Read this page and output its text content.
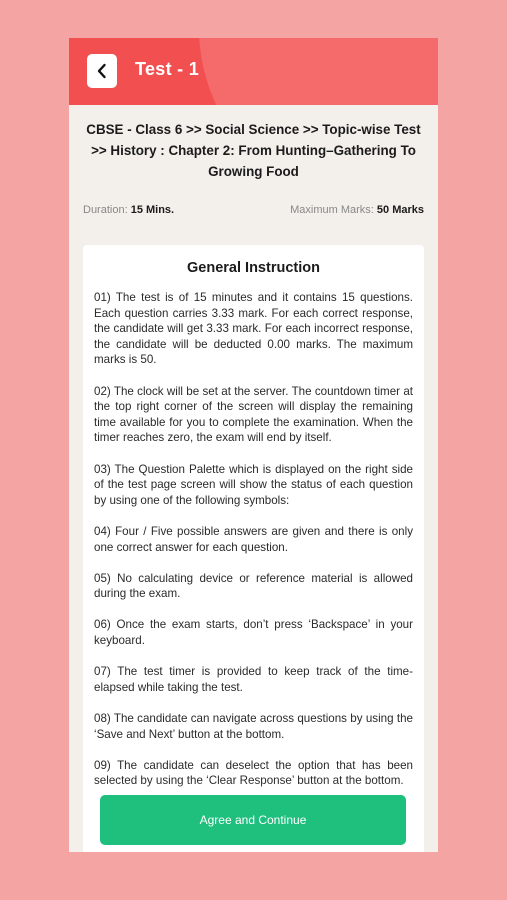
Test - 1
CBSE - Class 6 >> Social Science >> Topic-wise Test >> History : Chapter 2: From Hunting–Gathering To Growing Food
Duration: 15 Mins.	Maximum Marks: 50 Marks
General Instruction
01) The test is of 15 minutes and it contains 15 questions. Each question carries 3.33 mark. For each correct response, the candidate will get 3.33 mark. For each incorrect response, the candidate will be deducted 0.00 marks. The maximum marks is 50.
02) The clock will be set at the server. The countdown timer at the top right corner of the screen will display the remaining time available for you to complete the examination. When the timer reaches zero, the exam will end by itself.
03) The Question Palette which is displayed on the right side of the test page screen will show the status of each question by using one of the following symbols:
04) Four / Five possible answers are given and there is only one correct answer for each question.
05) No calculating device or reference material is allowed during the exam.
06) Once the exam starts, don’t press ‘Backspace’ in your keyboard.
07) The test timer is provided to keep track of the time-elapsed while taking the test.
08) The candidate can navigate across questions by using the ‘Save and Next’ button at the bottom.
09) The candidate can deselect the option that has been selected by using the ‘Clear Response’ button at the bottom.
Agree and Continue
